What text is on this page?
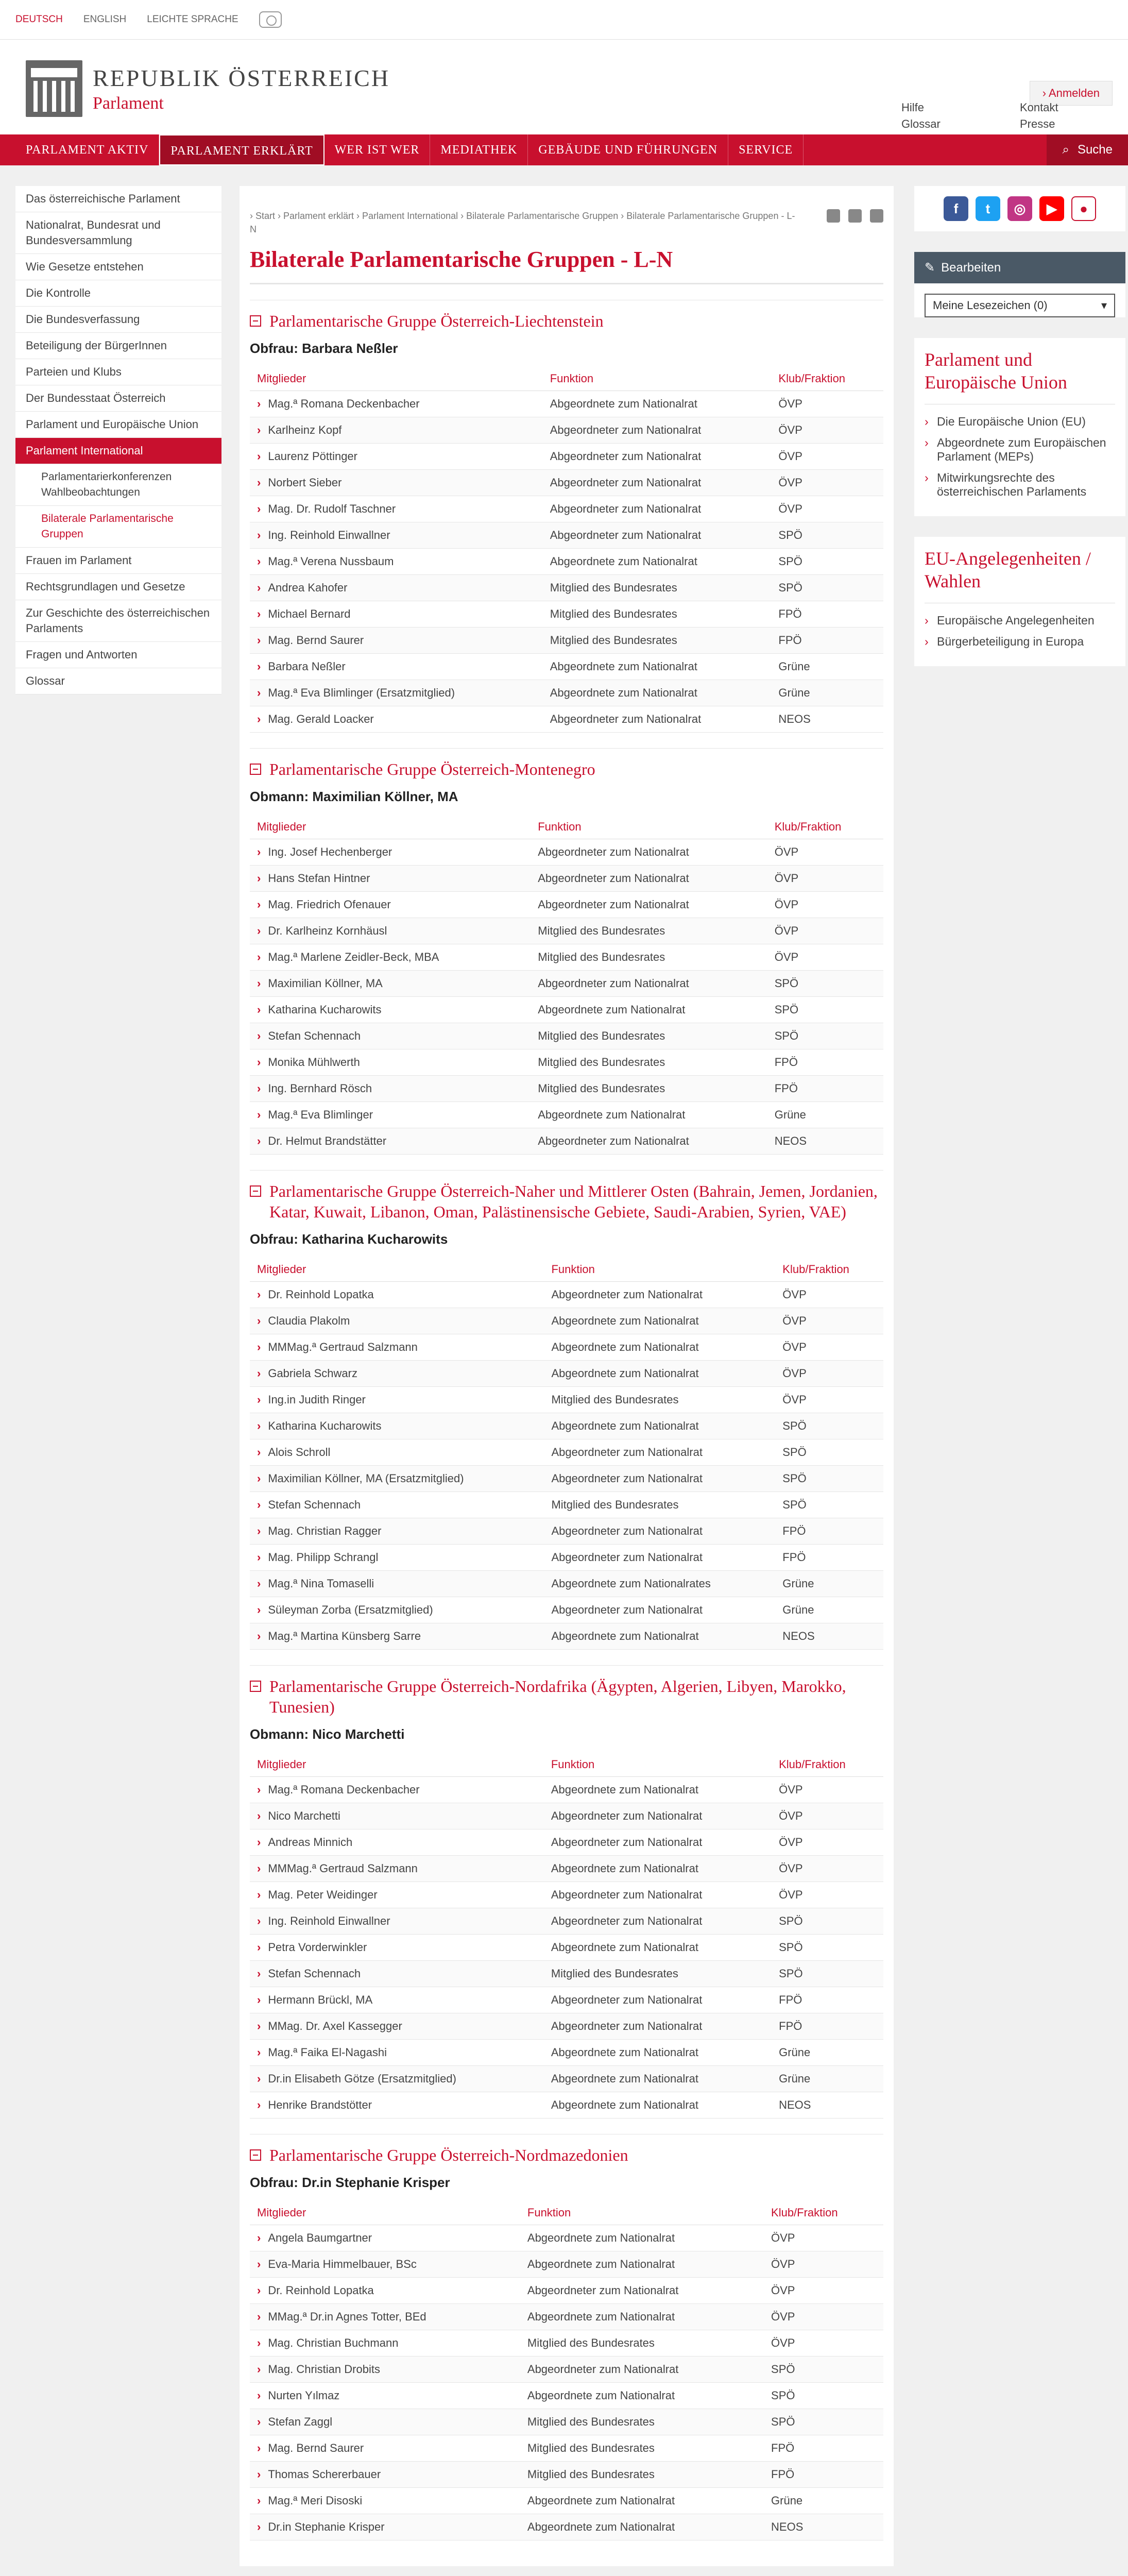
DEUTSCH ENGLISH LEICHTE SPRACHE
REPUBLIK ÖSTERREICH
Parlament
› Anmelden
Hilfe	Kontakt
Glossar	Presse
PARLAMENT AKTIV	PARLAMENT ERKLÄRT	WER IST WER	MEDIATHEK	GEBÄUDE UND FÜHRUNGEN	SERVICE	⌕ Suche
Das österreichische Parlament
Nationalrat, Bundesrat und Bundesversammlung
Wie Gesetze entstehen
Die Kontrolle
Die Bundesverfassung
Beteiligung der BürgerInnen
Parteien und Klubs
Der Bundesstaat Österreich
Parlament und Europäische Union
Parlament International
Parlamentarierkonferenzen Wahlbeobachtungen
Bilaterale Parlamentarische Gruppen
Frauen im Parlament
Rechtsgrundlagen und Gesetze
Zur Geschichte des österreichischen Parlaments
Fragen und Antworten
Glossar
› Start › Parlament erklärt › Parlament International › Bilaterale Parlamentarische Gruppen › Bilaterale Parlamentarische Gruppen - L-N
Bilaterale Parlamentarische Gruppen - L-N
Parlamentarische Gruppe Österreich-Liechtenstein
Obfrau: Barbara Neßler
Mitglieder	Funktion	Klub/Fraktion
› Mag.ª Romana Deckenbacher	Abgeordnete zum Nationalrat	ÖVP
› Karlheinz Kopf	Abgeordneter zum Nationalrat	ÖVP
› Laurenz Pöttinger	Abgeordneter zum Nationalrat	ÖVP
› Norbert Sieber	Abgeordneter zum Nationalrat	ÖVP
› Mag. Dr. Rudolf Taschner	Abgeordneter zum Nationalrat	ÖVP
› Ing. Reinhold Einwallner	Abgeordneter zum Nationalrat	SPÖ
› Mag.ª Verena Nussbaum	Abgeordnete zum Nationalrat	SPÖ
› Andrea Kahofer	Mitglied des Bundesrates	SPÖ
› Michael Bernard	Mitglied des Bundesrates	FPÖ
› Mag. Bernd Saurer	Mitglied des Bundesrates	FPÖ
› Barbara Neßler	Abgeordnete zum Nationalrat	Grüne
› Mag.ª Eva Blimlinger (Ersatzmitglied)	Abgeordnete zum Nationalrat	Grüne
› Mag. Gerald Loacker	Abgeordneter zum Nationalrat	NEOS
Parlamentarische Gruppe Österreich-Montenegro
Obmann: Maximilian Köllner, MA
Mitglieder	Funktion	Klub/Fraktion
› Ing. Josef Hechenberger	Abgeordneter zum Nationalrat	ÖVP
› Hans Stefan Hintner	Abgeordneter zum Nationalrat	ÖVP
› Mag. Friedrich Ofenauer	Abgeordneter zum Nationalrat	ÖVP
› Dr. Karlheinz Kornhäusl	Mitglied des Bundesrates	ÖVP
› Mag.ª Marlene Zeidler-Beck, MBA	Mitglied des Bundesrates	ÖVP
› Maximilian Köllner, MA	Abgeordneter zum Nationalrat	SPÖ
› Katharina Kucharowits	Abgeordnete zum Nationalrat	SPÖ
› Stefan Schennach	Mitglied des Bundesrates	SPÖ
› Monika Mühlwerth	Mitglied des Bundesrates	FPÖ
› Ing. Bernhard Rösch	Mitglied des Bundesrates	FPÖ
› Mag.ª Eva Blimlinger	Abgeordnete zum Nationalrat	Grüne
› Dr. Helmut Brandstätter	Abgeordneter zum Nationalrat	NEOS
Parlamentarische Gruppe Österreich-Naher und Mittlerer Osten (Bahrain, Jemen, Jordanien, Katar, Kuwait, Libanon, Oman, Palästinensische Gebiete, Saudi-Arabien, Syrien, VAE)
Obfrau: Katharina Kucharowits
Mitglieder	Funktion	Klub/Fraktion
› Dr. Reinhold Lopatka	Abgeordneter zum Nationalrat	ÖVP
› Claudia Plakolm	Abgeordnete zum Nationalrat	ÖVP
› MMMag.ª Gertraud Salzmann	Abgeordnete zum Nationalrat	ÖVP
› Gabriela Schwarz	Abgeordnete zum Nationalrat	ÖVP
› Ing.in Judith Ringer	Mitglied des Bundesrates	ÖVP
› Katharina Kucharowits	Abgeordnete zum Nationalrat	SPÖ
› Alois Schroll	Abgeordneter zum Nationalrat	SPÖ
› Maximilian Köllner, MA (Ersatzmitglied)	Abgeordneter zum Nationalrat	SPÖ
› Stefan Schennach	Mitglied des Bundesrates	SPÖ
› Mag. Christian Ragger	Abgeordneter zum Nationalrat	FPÖ
› Mag. Philipp Schrangl	Abgeordneter zum Nationalrat	FPÖ
› Mag.ª Nina Tomaselli	Abgeordnete zum Nationalrates	Grüne
› Süleyman Zorba (Ersatzmitglied)	Abgeordneter zum Nationalrat	Grüne
› Mag.ª Martina Künsberg Sarre	Abgeordnete zum Nationalrat	NEOS
Parlamentarische Gruppe Österreich-Nordafrika (Ägypten, Algerien, Libyen, Marokko, Tunesien)
Obmann: Nico Marchetti
Mitglieder	Funktion	Klub/Fraktion
› Mag.ª Romana Deckenbacher	Abgeordnete zum Nationalrat	ÖVP
› Nico Marchetti	Abgeordneter zum Nationalrat	ÖVP
› Andreas Minnich	Abgeordneter zum Nationalrat	ÖVP
› MMMag.ª Gertraud Salzmann	Abgeordnete zum Nationalrat	ÖVP
› Mag. Peter Weidinger	Abgeordneter zum Nationalrat	ÖVP
› Ing. Reinhold Einwallner	Abgeordneter zum Nationalrat	SPÖ
› Petra Vorderwinkler	Abgeordnete zum Nationalrat	SPÖ
› Stefan Schennach	Mitglied des Bundesrates	SPÖ
› Hermann Brückl, MA	Abgeordneter zum Nationalrat	FPÖ
› MMag. Dr. Axel Kassegger	Abgeordneter zum Nationalrat	FPÖ
› Mag.ª Faika El-Nagashi	Abgeordnete zum Nationalrat	Grüne
› Dr.in Elisabeth Götze (Ersatzmitglied)	Abgeordnete zum Nationalrat	Grüne
› Henrike Brandstötter	Abgeordnete zum Nationalrat	NEOS
Parlamentarische Gruppe Österreich-Nordmazedonien
Obfrau: Dr.in Stephanie Krisper
Mitglieder	Funktion	Klub/Fraktion
› Angela Baumgartner	Abgeordnete zum Nationalrat	ÖVP
› Eva-Maria Himmelbauer, BSc	Abgeordnete zum Nationalrat	ÖVP
› Dr. Reinhold Lopatka	Abgeordneter zum Nationalrat	ÖVP
› MMag.ª Dr.in Agnes Totter, BEd	Abgeordnete zum Nationalrat	ÖVP
› Mag. Christian Buchmann	Mitglied des Bundesrates	ÖVP
› Mag. Christian Drobits	Abgeordneter zum Nationalrat	SPÖ
› Nurten Yılmaz	Abgeordnete zum Nationalrat	SPÖ
› Stefan Zaggl	Mitglied des Bundesrates	SPÖ
› Mag. Bernd Saurer	Mitglied des Bundesrates	FPÖ
› Thomas Schererbauer	Mitglied des Bundesrates	FPÖ
› Mag.ª Meri Disoski	Abgeordnete zum Nationalrat	Grüne
› Dr.in Stephanie Krisper	Abgeordnete zum Nationalrat	NEOS
f	t	◎	▶	●
✎ Bearbeiten
Meine Lesezeichen (0)	▾
Parlament und Europäische Union
› Die Europäische Union (EU)
› Abgeordnete zum Europäischen Parlament (MEPs)
› Mitwirkungsrechte des österreichischen Parlaments
EU-Angelegenheiten / Wahlen
› Europäische Angelegenheiten
› Bürgerbeteiligung in Europa
